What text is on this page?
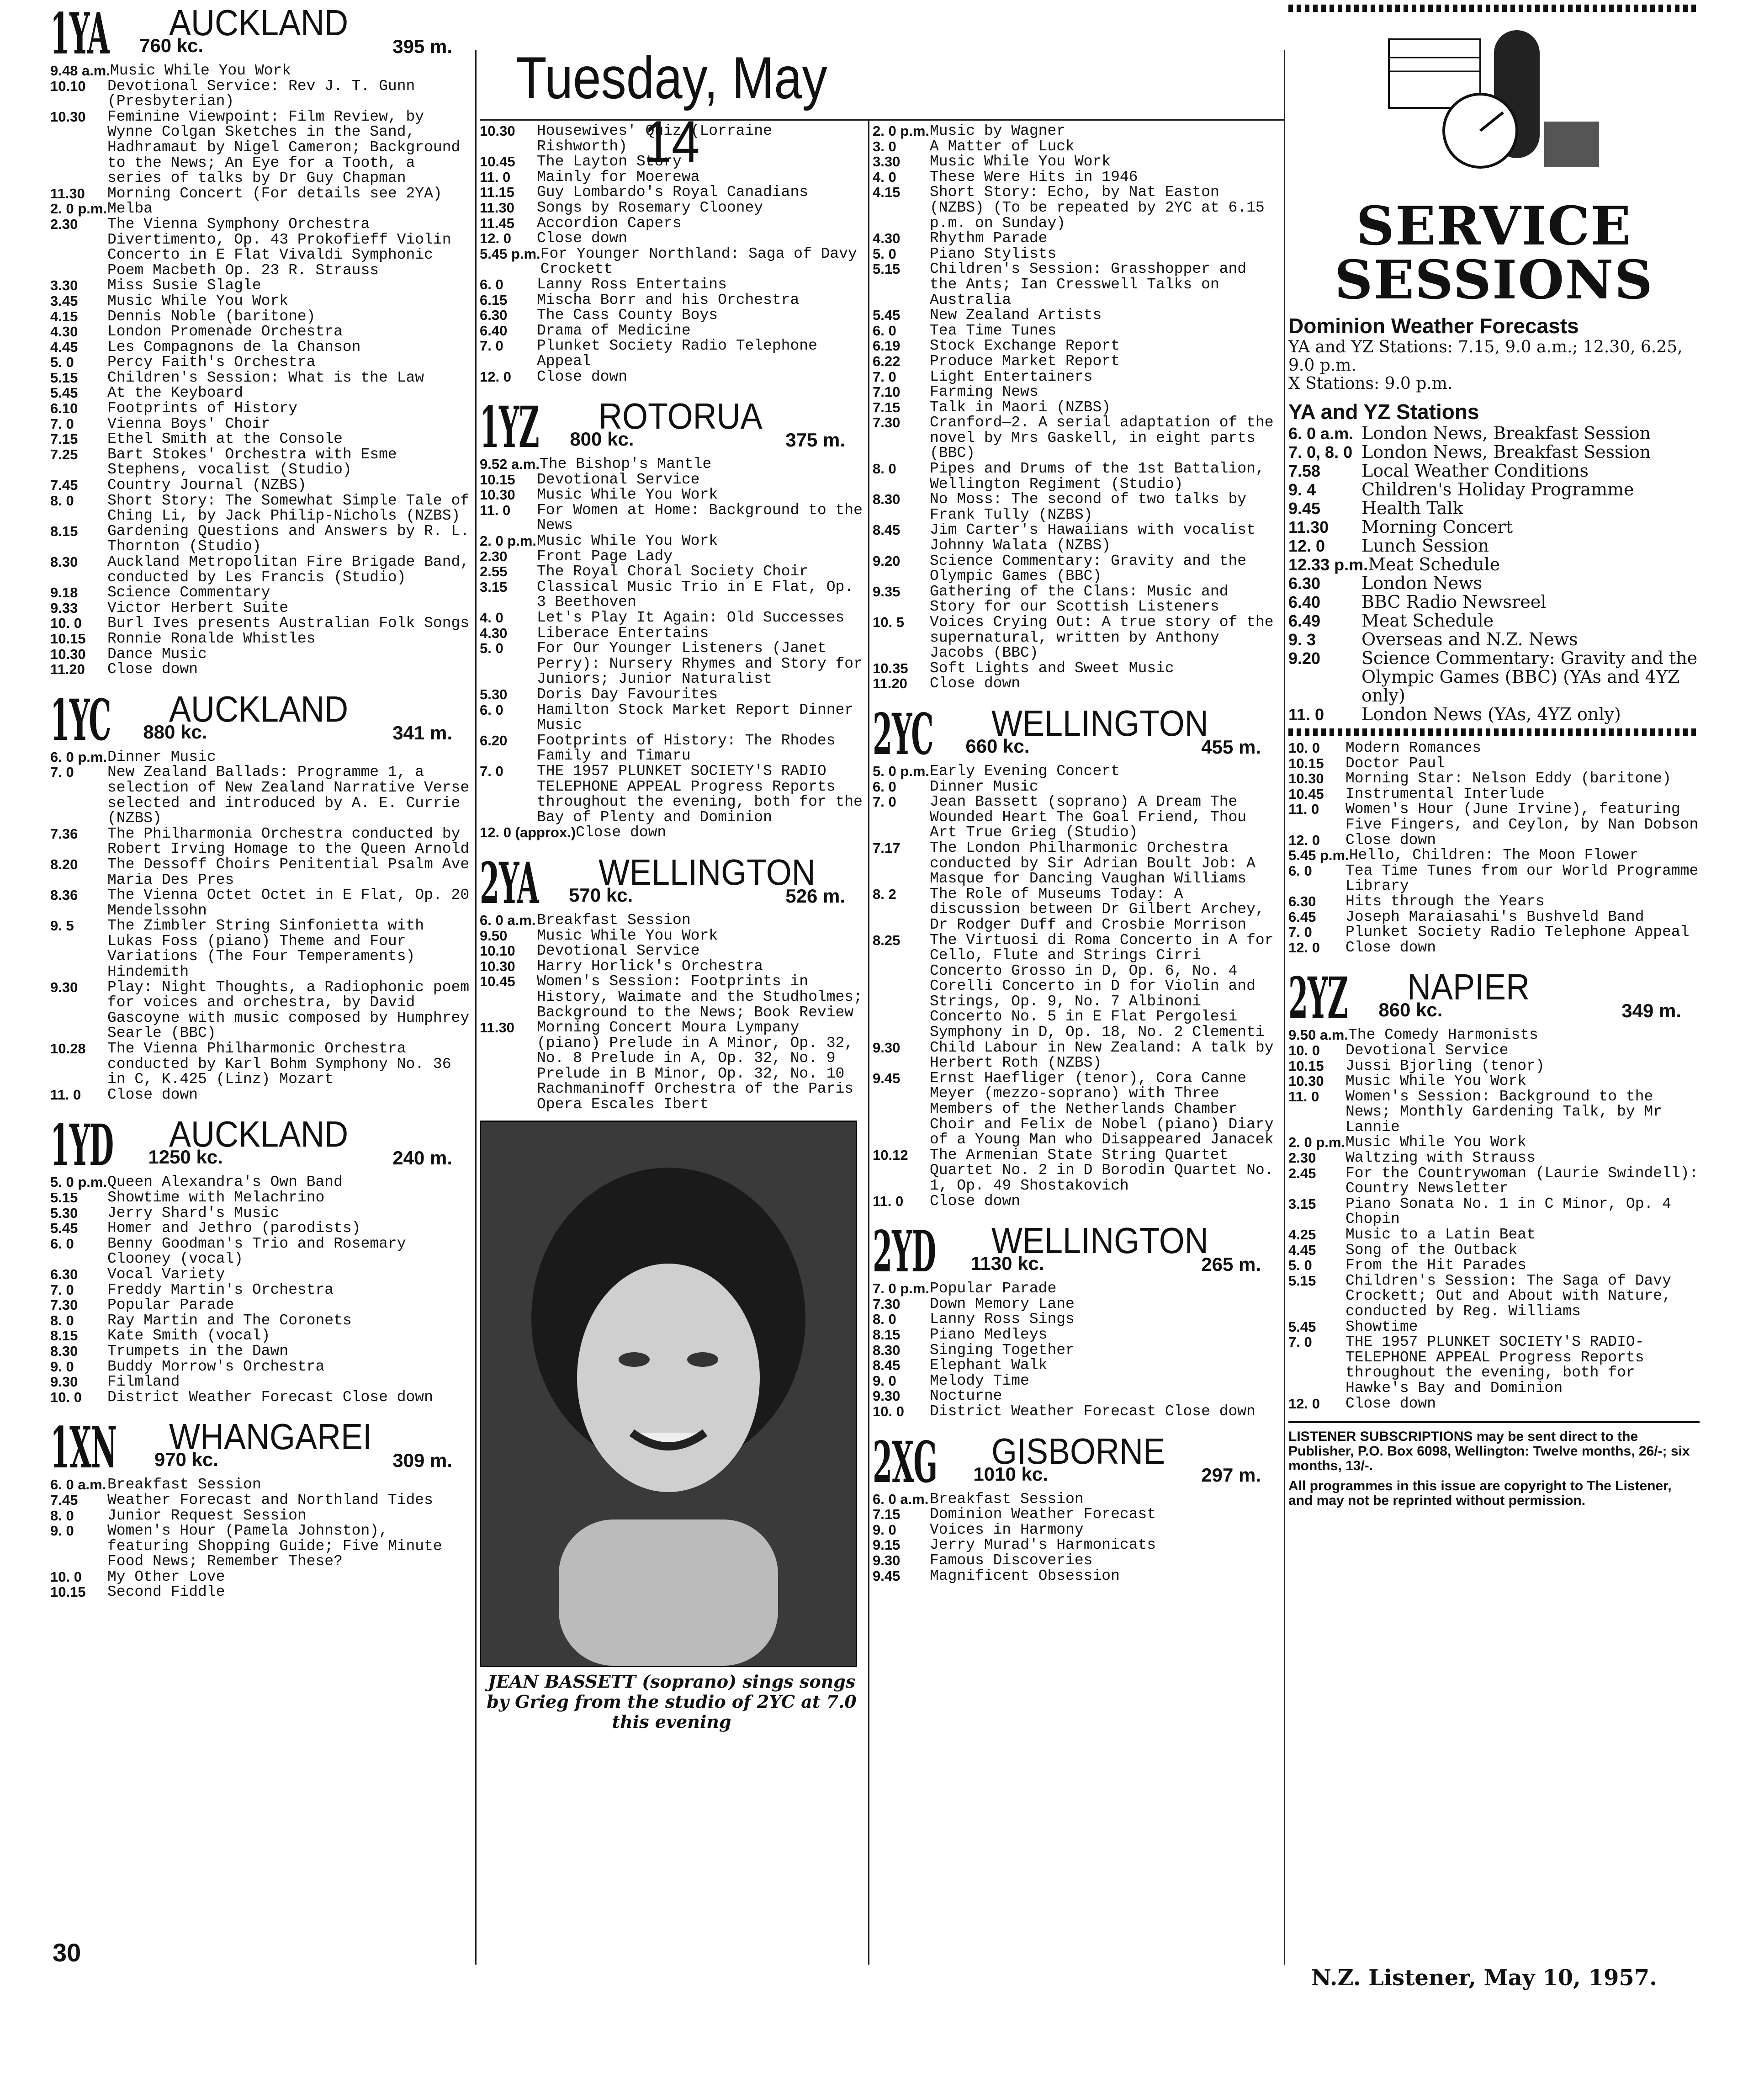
Tuesday, May 14
1YA 760 kc.
AUCKLAND
395 m.
9.48 a.m. Music While You Work
10.10	Devotional Service: Rev J. T. Gunn (Presbyterian)
10.30	Feminine Viewpoint: Film Review, by Wynne Colgan Sketches in the Sand, Hadhramaut by Nigel Cameron; Background to the News; An Eye for a Tooth, a series of talks by Dr Guy Chapman
11.30	Morning Concert (For details see 2YA)
2. 0 p.m. Melba
2.30	The Vienna Symphony Orchestra Divertimento, Op. 43 Prokofieff Violin Concerto in E Flat Vivaldi Symphonic Poem Macbeth Op. 23 R. Strauss
3.30	Miss Susie Slagle
3.45	Music While You Work
4.15	Dennis Noble (baritone)
4.30	London Promenade Orchestra
4.45	Les Compagnons de la Chanson
5. 0	Percy Faith's Orchestra
5.15	Children's Session: What is the Law
5.45	At the Keyboard
6.10	Footprints of History
7. 0	Vienna Boys' Choir
7.15	Ethel Smith at the Console
7.25	Bart Stokes' Orchestra with Esme Stephens, vocalist (Studio)
7.45	Country Journal (NZBS)
8. 0	Short Story: The Somewhat Simple Tale of Ching Li, by Jack Philip-Nichols (NZBS)
8.15	Gardening Questions and Answers by R. L. Thornton (Studio)
8.30	Auckland Metropolitan Fire Brigade Band, conducted by Les Francis (Studio)
9.18	Science Commentary
9.33	Victor Herbert Suite
10. 0	Burl Ives presents Australian Folk Songs
10.15	Ronnie Ronalde Whistles
10.30	Dance Music
11.20	Close down
1YC 880 kc.
AUCKLAND
341 m.
6. 0 p.m. Dinner Music
7. 0	New Zealand Ballads: Programme 1, a selection of New Zealand Narrative Verse selected and introduced by A. E. Currie (NZBS)
7.36	The Philharmonia Orchestra conducted by Robert Irving Homage to the Queen Arnold
8.20	The Dessoff Choirs Penitential Psalm Ave Maria Des Pres
8.36	The Vienna Octet Octet in E Flat, Op. 20 Mendelssohn
9. 5	The Zimbler String Sinfonietta with Lukas Foss (piano) Theme and Four Variations (The Four Temperaments) Hindemith
9.30	Play: Night Thoughts, a Radiophonic poem for voices and orchestra, by David Gascoyne with music composed by Humphrey Searle (BBC)
10.28	The Vienna Philharmonic Orchestra conducted by Karl Bohm Symphony No. 36 in C, K.425 (Linz) Mozart
11. 0	Close down
1YD 1250 kc.
AUCKLAND
240 m.
5. 0 p.m. Queen Alexandra's Own Band
5.15	Showtime with Melachrino
5.30	Jerry Shard's Music
5.45	Homer and Jethro (parodists)
6. 0	Benny Goodman's Trio and Rosemary Clooney (vocal)
6.30	Vocal Variety
7. 0	Freddy Martin's Orchestra
7.30	Popular Parade
8. 0	Ray Martin and The Coronets
8.15	Kate Smith (vocal)
8.30	Trumpets in the Dawn
9. 0	Buddy Morrow's Orchestra
9.30	Filmland
10. 0	District Weather Forecast Close down
1XN 970 kc.
WHANGAREI
309 m.
6. 0 a.m. Breakfast Session
7.45	Weather Forecast and Northland Tides
8. 0	Junior Request Session
9. 0	Women's Hour (Pamela Johnston), featuring Shopping Guide; Five Minute Food News; Remember These?
10. 0	My Other Love
10.15	Second Fiddle
10.30	Housewives' Quiz (Lorraine Rishworth)
10.45	The Layton Story
11. 0	Mainly for Moerewa
11.15	Guy Lombardo's Royal Canadians
11.30	Songs by Rosemary Clooney
11.45	Accordion Capers
12. 0	Close down
5.45 p.m. For Younger Northland: Saga of Davy Crockett
6. 0	Lanny Ross Entertains
6.15	Mischa Borr and his Orchestra
6.30	The Cass County Boys
6.40	Drama of Medicine
7. 0	Plunket Society Radio Telephone Appeal
12. 0	Close down
1YZ 800 kc.
ROTORUA
375 m.
9.52 a.m. The Bishop's Mantle
10.15	Devotional Service
10.30	Music While You Work
11. 0	For Women at Home: Background to the News
2. 0 p.m. Music While You Work
2.30	Front Page Lady
2.55	The Royal Choral Society Choir
3.15	Classical Music Trio in E Flat, Op. 3 Beethoven
4. 0	Let's Play It Again: Old Successes
4.30	Liberace Entertains
5. 0	For Our Younger Listeners (Janet Perry): Nursery Rhymes and Story for Juniors; Junior Naturalist
5.30	Doris Day Favourites
6. 0	Hamilton Stock Market Report Dinner Music
6.20	Footprints of History: The Rhodes Family and Timaru
7. 0	THE 1957 PLUNKET SOCIETY'S RADIO TELEPHONE APPEAL Progress Reports throughout the evening, both for the Bay of Plenty and Dominion
12. 0 (approx.) Close down
2YA 570 kc.
WELLINGTON
526 m.
6. 0 a.m. Breakfast Session
9.50	Music While You Work
10.10	Devotional Service
10.30	Harry Horlick's Orchestra
10.45	Women's Session: Footprints in History, Waimate and the Studholmes; Background to the News; Book Review
11.30	Morning Concert Moura Lympany (piano) Prelude in A Minor, Op. 32, No. 8 Prelude in A, Op. 32, No. 9 Prelude in B Minor, Op. 32, No. 10 Rachmaninoff Orchestra of the Paris Opera Escales Ibert
JEAN BASSETT (soprano) sings songs by Grieg from the studio of 2YC at 7.0 this evening
2. 0 p.m. Music by Wagner
3. 0	A Matter of Luck
3.30	Music While You Work
4. 0	These Were Hits in 1946
4.15	Short Story: Echo, by Nat Easton (NZBS) (To be repeated by 2YC at 6.15 p.m. on Sunday)
4.30	Rhythm Parade
5. 0	Piano Stylists
5.15	Children's Session: Grasshopper and the Ants; Ian Cresswell Talks on Australia
5.45	New Zealand Artists
6. 0	Tea Time Tunes
6.19	Stock Exchange Report
6.22	Produce Market Report
7. 0	Light Entertainers
7.10	Farming News
7.15	Talk in Maori (NZBS)
7.30	Cranford—2. A serial adaptation of the novel by Mrs Gaskell, in eight parts (BBC)
8. 0	Pipes and Drums of the 1st Battalion, Wellington Regiment (Studio)
8.30	No Moss: The second of two talks by Frank Tully (NZBS)
8.45	Jim Carter's Hawaiians with vocalist Johnny Walata (NZBS)
9.20	Science Commentary: Gravity and the Olympic Games (BBC)
9.35	Gathering of the Clans: Music and Story for our Scottish Listeners
10. 5	Voices Crying Out: A true story of the supernatural, written by Anthony Jacobs (BBC)
10.35	Soft Lights and Sweet Music
11.20	Close down
2YC 660 kc.
WELLINGTON
455 m.
5. 0 p.m. Early Evening Concert
6. 0	Dinner Music
7. 0	Jean Bassett (soprano) A Dream The Wounded Heart The Goal Friend, Thou Art True Grieg (Studio)
7.17	The London Philharmonic Orchestra conducted by Sir Adrian Boult Job: A Masque for Dancing Vaughan Williams
8. 2	The Role of Museums Today: A discussion between Dr Gilbert Archey, Dr Rodger Duff and Crosbie Morrison
8.25	The Virtuosi di Roma Concerto in A for Cello, Flute and Strings Cirri Concerto Grosso in D, Op. 6, No. 4 Corelli Concerto in D for Violin and Strings, Op. 9, No. 7 Albinoni Concerto No. 5 in E Flat Pergolesi Symphony in D, Op. 18, No. 2 Clementi
9.30	Child Labour in New Zealand: A talk by Herbert Roth (NZBS)
9.45	Ernst Haefliger (tenor), Cora Canne Meyer (mezzo-soprano) with Three Members of the Netherlands Chamber Choir and Felix de Nobel (piano) Diary of a Young Man who Disappeared Janacek
10.12	The Armenian State String Quartet Quartet No. 2 in D Borodin Quartet No. 1, Op. 49 Shostakovich
11. 0	Close down
2YD 1130 kc.
WELLINGTON
265 m.
7. 0 p.m. Popular Parade
7.30	Down Memory Lane
8. 0	Lanny Ross Sings
8.15	Piano Medleys
8.30	Singing Together
8.45	Elephant Walk
9. 0	Melody Time
9.30	Nocturne
10. 0	District Weather Forecast Close down
2XG 1010 kc.
GISBORNE
297 m.
6. 0 a.m. Breakfast Session
7.15	Dominion Weather Forecast
9. 0	Voices in Harmony
9.15	Jerry Murad's Harmonicats
9.30	Famous Discoveries
9.45	Magnificent Obsession
SERVICE
SESSIONS
Dominion Weather Forecasts
YA and YZ Stations: 7.15, 9.0 a.m.; 12.30, 6.25, 9.0 p.m.
X Stations: 9.0 p.m.
YA and YZ Stations
6. 0 a.m. London News, Breakfast Session
7. 0, 8. 0 London News, Breakfast Session
7.58	Local Weather Conditions
9. 4	Children's Holiday Programme
9.45	Health Talk
11.30	Morning Concert
12. 0	Lunch Session
12.33 p.m. Meat Schedule
6.30	London News
6.40	BBC Radio Newsreel
6.49	Meat Schedule
9. 3	Overseas and N.Z. News
9.20	Science Commentary: Gravity and the Olympic Games (BBC) (YAs and 4YZ only)
11. 0	London News (YAs, 4YZ only)
10. 0	Modern Romances
10.15	Doctor Paul
10.30	Morning Star: Nelson Eddy (baritone)
10.45	Instrumental Interlude
11. 0	Women's Hour (June Irvine), featuring Five Fingers, and Ceylon, by Nan Dobson
12. 0	Close down
5.45 p.m. Hello, Children: The Moon Flower
6. 0	Tea Time Tunes from our World Programme Library
6.30	Hits through the Years
6.45	Joseph Maraiasahi's Bushveld Band
7. 0	Plunket Society Radio Telephone Appeal
12. 0	Close down
2YZ 860 kc.
NAPIER
349 m.
9.50 a.m. The Comedy Harmonists
10. 0	Devotional Service
10.15	Jussi Bjorling (tenor)
10.30	Music While You Work
11. 0	Women's Session: Background to the News; Monthly Gardening Talk, by Mr Lannie
2. 0 p.m. Music While You Work
2.30	Waltzing with Strauss
2.45	For the Countrywoman (Laurie Swindell): Country Newsletter
3.15	Piano Sonata No. 1 in C Minor, Op. 4 Chopin
4.25	Music to a Latin Beat
4.45	Song of the Outback
5. 0	From the Hit Parades
5.15	Children's Session: The Saga of Davy Crockett; Out and About with Nature, conducted by Reg. Williams
5.45	Showtime
7. 0	THE 1957 PLUNKET SOCIETY'S RADIO-TELEPHONE APPEAL Progress Reports throughout the evening, both for Hawke's Bay and Dominion
12. 0	Close down
LISTENER SUBSCRIPTIONS may be sent direct to the Publisher, P.O. Box 6098, Wellington: Twelve months, 26/-; six months, 13/-.
All programmes in this issue are copyright to The Listener, and may not be reprinted without permission.
30
N.Z. Listener, May 10, 1957.
